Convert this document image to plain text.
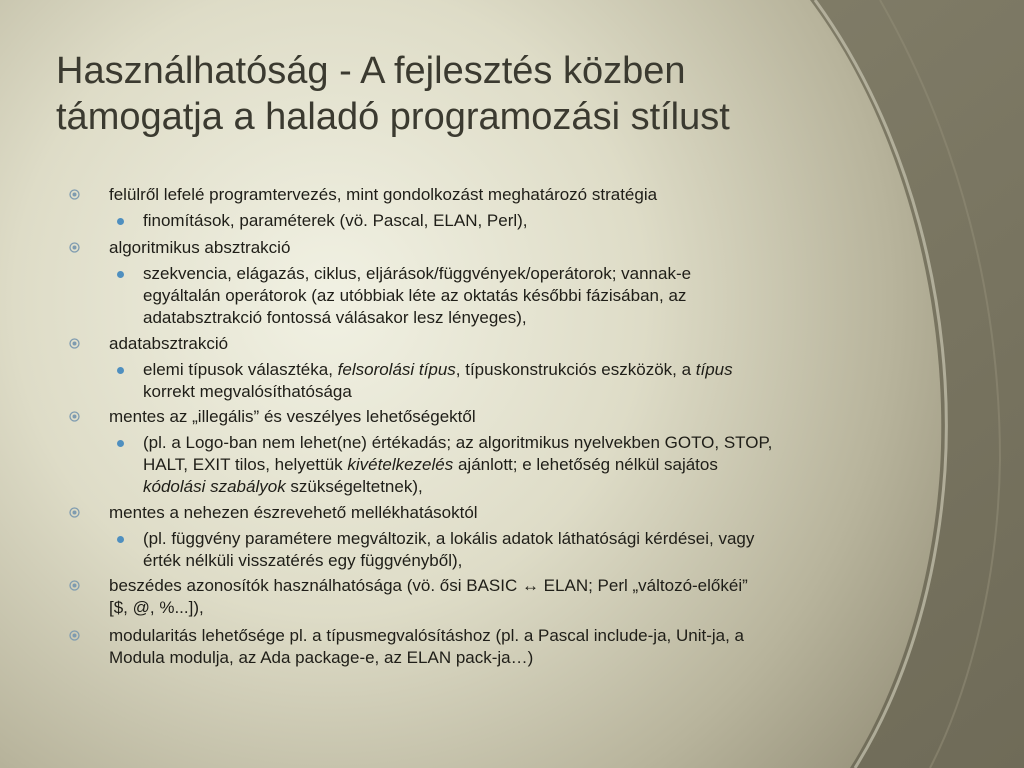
Használhatóság - A fejlesztés közben
támogatja a haladó programozási stílust

felülről lefelé programtervezés, mint gondolkozást meghatározó stratégia

finomítások, paraméterek (vö. Pascal, ELAN, Perl),

algoritmikus absztrakció

szekvencia, elágazás, ciklus, eljárások/függvények/operátorok; vannak-e

egyáltalán operátorok (az utóbbiak léte az oktatás későbbi fázisában, az

adatabsztrakció fontossá válásakor lesz lényeges),

adatabsztrakció

elemi típusok választéka, felsorolási típus, típuskonstrukciós eszközök, a típus

korrekt megvalósíthatósága

mentes az „illegális” és veszélyes lehetőségektől

(pl. a Logo-ban nem lehet(ne) értékadás; az algoritmikus nyelvekben GOTO, STOP,

HALT, EXIT tilos, helyettük kivételkezelés ajánlott; e lehetőség nélkül sajátos

kódolási szabályok szükségeltetnek),

mentes a nehezen észrevehető mellékhatásoktól

(pl. függvény paramétere megváltozik, a lokális adatok láthatósági kérdései, vagy

érték nélküli visszatérés egy függvényből),

beszédes azonosítók használhatósága (vö. ősi BASIC ↔ ELAN; Perl „változó-előkéi”

[$, @, %...]),

modularitás lehetősége pl. a típusmegvalósításhoz (pl. a Pascal include-ja, Unit-ja, a

Modula modulja, az Ada package-e, az ELAN pack-ja…)
